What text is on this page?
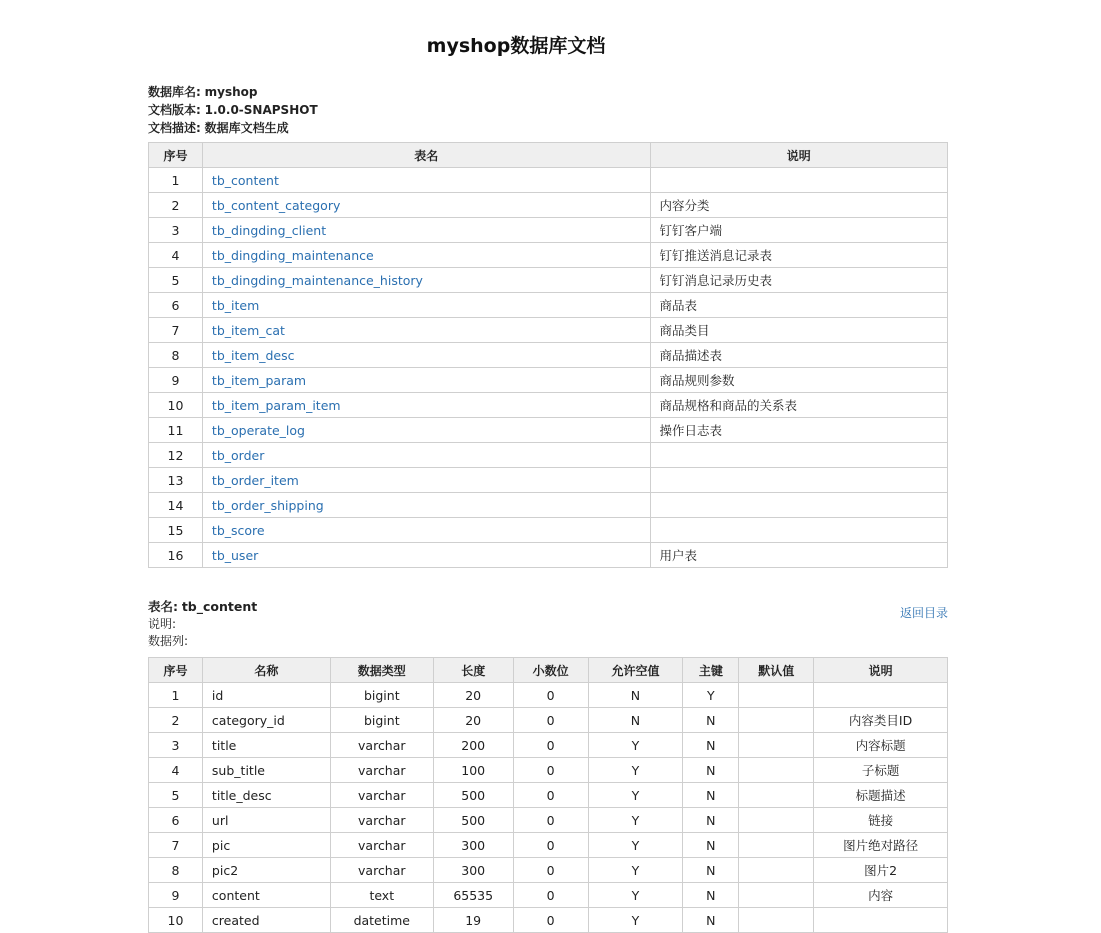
myshop数据库文档
数据库名: myshop
文档版本: 1.0.0-SNAPSHOT
文档描述: 数据库文档生成
序号	表名	说明
1	tb_content	
2	tb_content_category	内容分类
3	tb_dingding_client	钉钉客户端
4	tb_dingding_maintenance	钉钉推送消息记录表
5	tb_dingding_maintenance_history	钉钉消息记录历史表
6	tb_item	商品表
7	tb_item_cat	商品类目
8	tb_item_desc	商品描述表
9	tb_item_param	商品规则参数
10	tb_item_param_item	商品规格和商品的关系表
11	tb_operate_log	操作日志表
12	tb_order	
13	tb_order_item	
14	tb_order_shipping	
15	tb_score	
16	tb_user	用户表
表名: tb_content
说明:
数据列:
返回目录
序号	名称	数据类型	长度	小数位	允许空值	主键	默认值	说明
1	id	bigint	20	0	N	Y		
2	category_id	bigint	20	0	N	N		内容类目ID
3	title	varchar	200	0	Y	N		内容标题
4	sub_title	varchar	100	0	Y	N		子标题
5	title_desc	varchar	500	0	Y	N		标题描述
6	url	varchar	500	0	Y	N		链接
7	pic	varchar	300	0	Y	N		图片绝对路径
8	pic2	varchar	300	0	Y	N		图片2
9	content	text	65535	0	Y	N		内容
10	created	datetime	19	0	Y	N		
